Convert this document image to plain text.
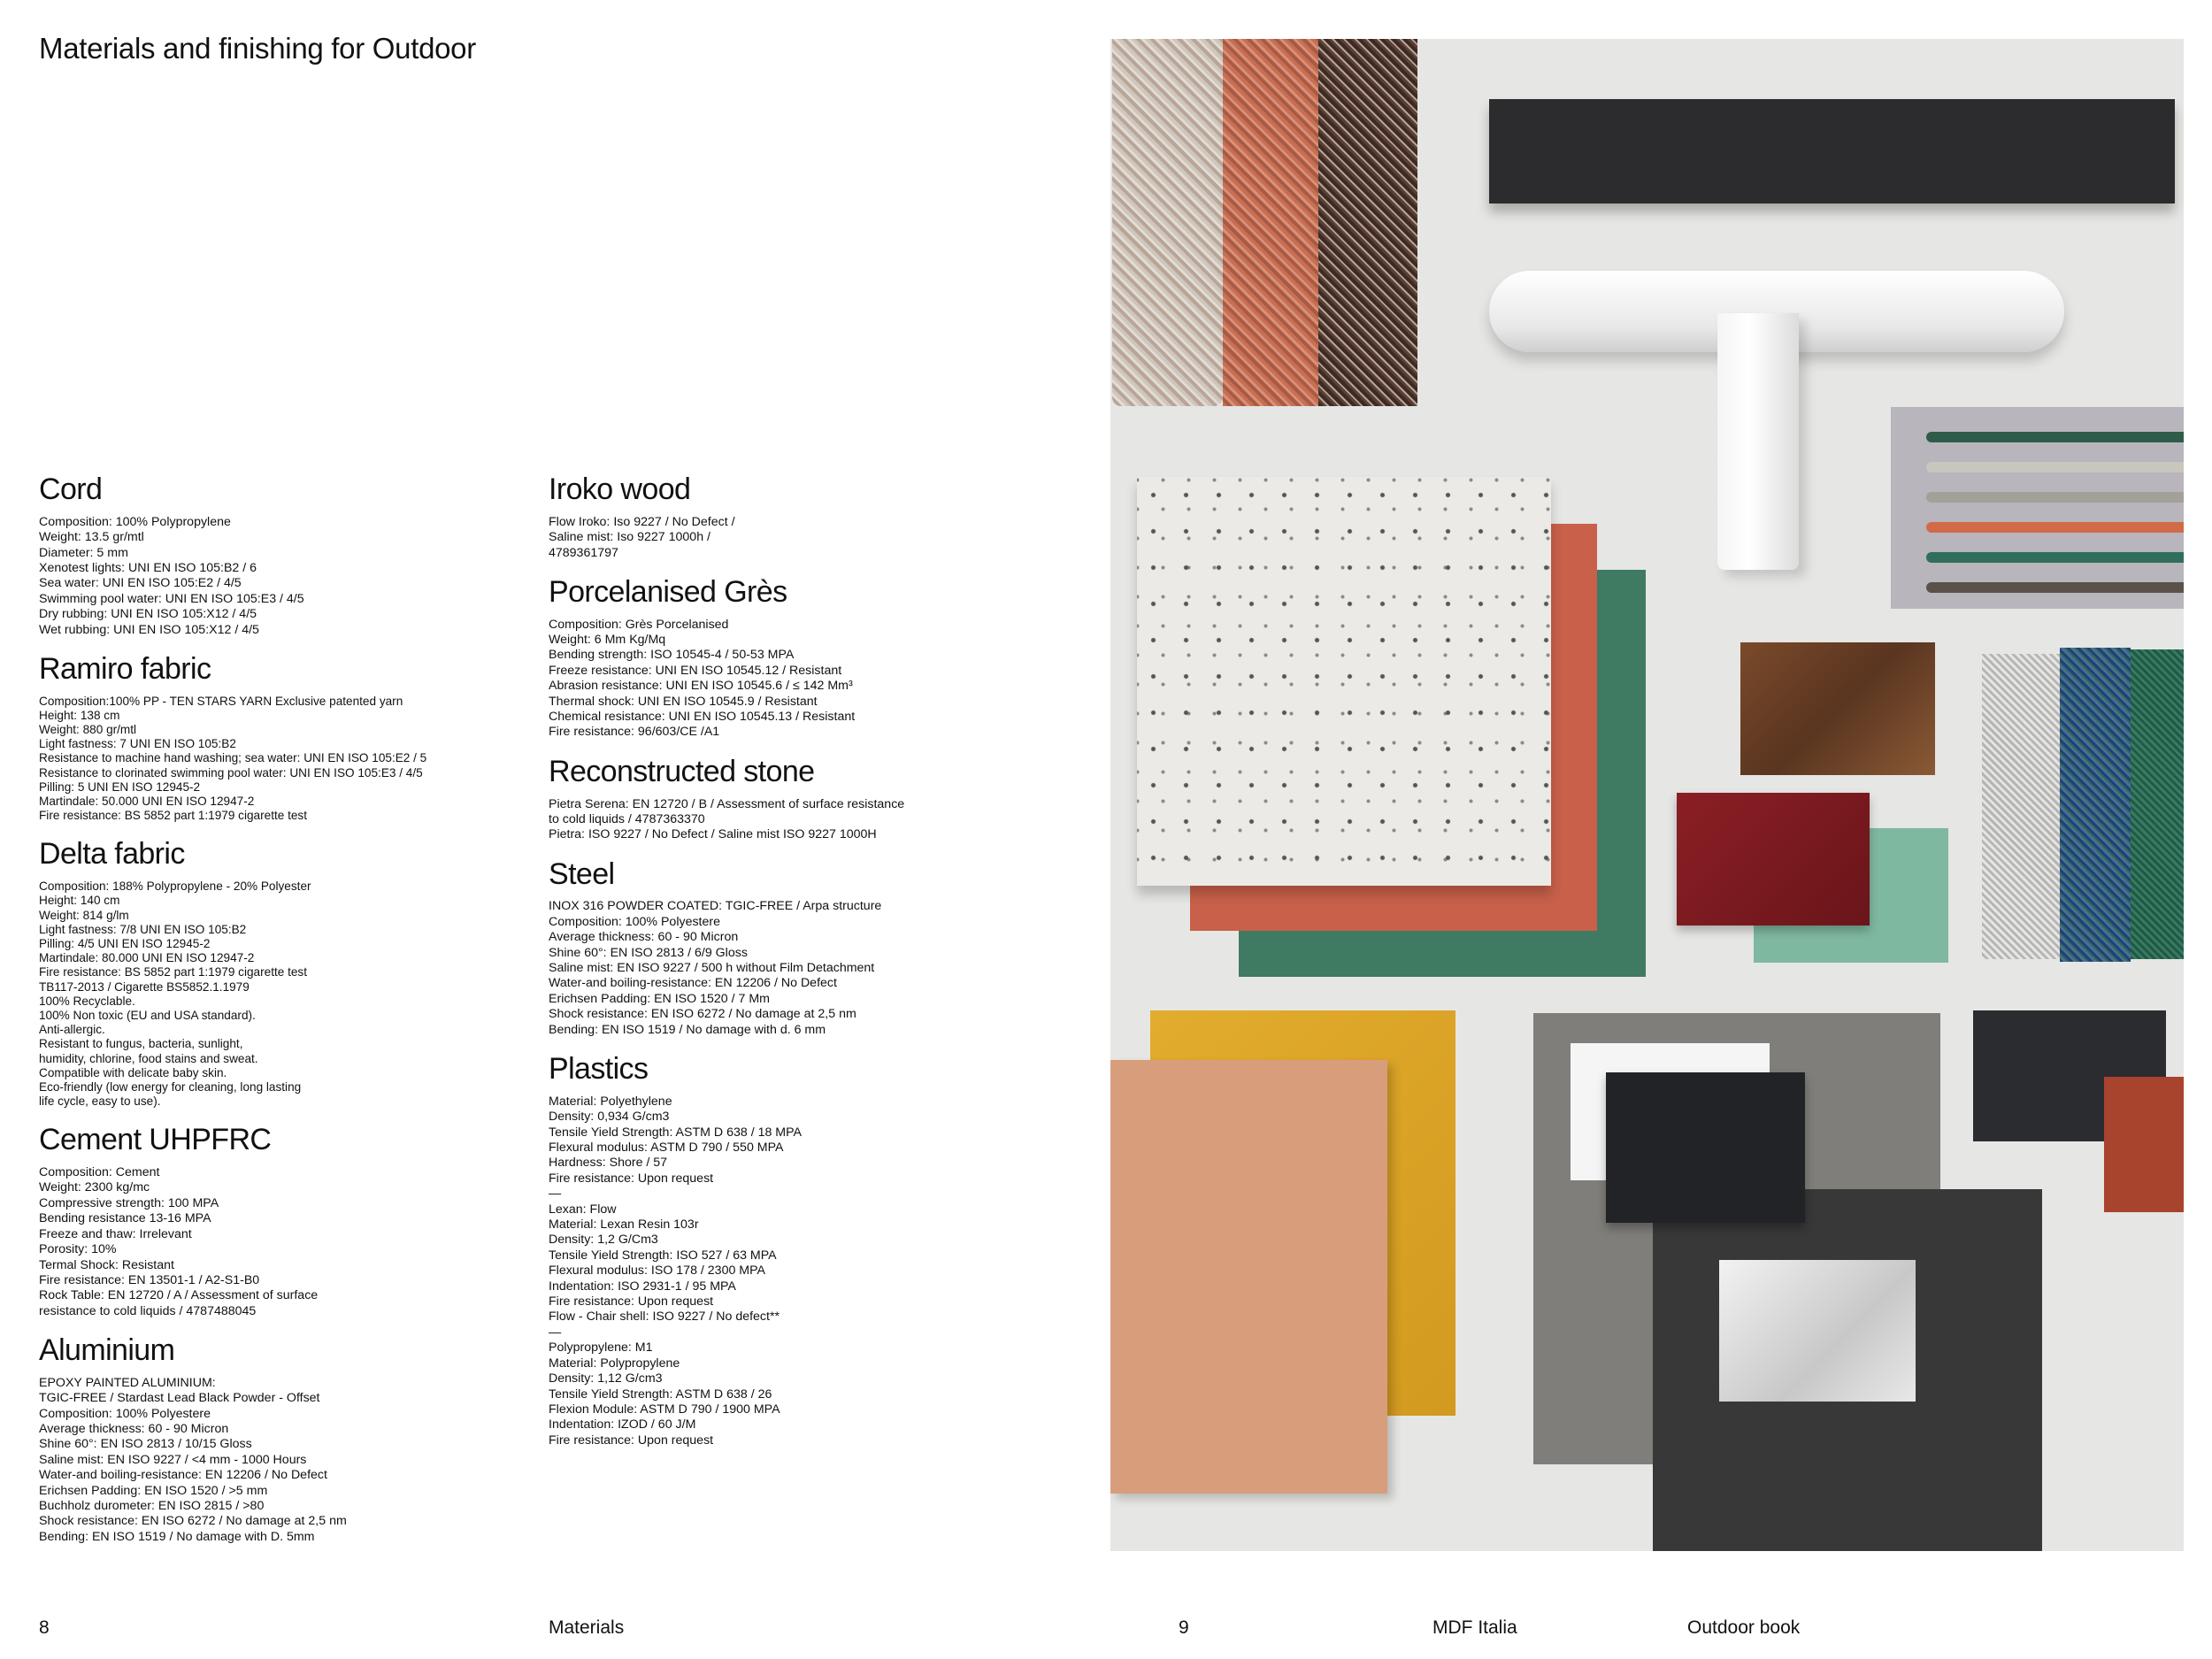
Materials and finishing for Outdoor
Cord
Composition: 100% Polypropylene
Weight: 13.5 gr/mtl
Diameter: 5 mm
Xenotest lights: UNI EN ISO 105:B2 / 6
Sea water: UNI EN ISO 105:E2 / 4/5
Swimming pool water: UNI EN ISO 105:E3 / 4/5
Dry rubbing: UNI EN ISO 105:X12 / 4/5
Wet rubbing: UNI EN ISO 105:X12 / 4/5
Ramiro fabric
Composition:100% PP - TEN STARS YARN Exclusive patented yarn
Height: 138 cm
Weight: 880 gr/mtl
Light fastness: 7 UNI EN ISO 105:B2
Resistance to machine hand washing; sea water: UNI EN ISO 105:E2 / 5
Resistance to clorinated swimming pool water: UNI EN ISO 105:E3 / 4/5
Pilling: 5 UNI EN ISO 12945-2
Martindale: 50.000 UNI EN ISO 12947-2
Fire resistance: BS 5852 part 1:1979 cigarette test
Delta fabric
Composition: 188% Polypropylene - 20% Polyester
Height: 140 cm
Weight: 814 g/lm
Light fastness: 7/8 UNI EN ISO 105:B2
Pilling: 4/5 UNI EN ISO 12945-2
Martindale: 80.000 UNI EN ISO 12947-2
Fire resistance: BS 5852 part 1:1979 cigarette test
TB117-2013 / Cigarette BS5852.1.1979
100% Recyclable.
100% Non toxic (EU and USA standard).
Anti-allergic.
Resistant to fungus, bacteria, sunlight,
humidity, chlorine, food stains and sweat.
Compatible with delicate baby skin.
Eco-friendly (low energy for cleaning, long lasting
life cycle, easy to use).
Cement UHPFRC
Composition: Cement
Weight: 2300 kg/mc
Compressive strength: 100 MPA
Bending resistance 13-16 MPA
Freeze and thaw: Irrelevant
Porosity: 10%
Termal Shock: Resistant
Fire resistance: EN 13501-1 / A2-S1-B0
Rock Table: EN 12720 / A / Assessment of surface
resistance to cold liquids / 4787488045
Aluminium
EPOXY PAINTED ALUMINIUM:
TGIC-FREE / Stardast Lead Black Powder - Offset
Composition: 100% Polyestere
Average thickness: 60 - 90 Micron
Shine 60°: EN ISO 2813 / 10/15 Gloss
Saline mist: EN ISO 9227 / <4 mm - 1000 Hours
Water-and boiling-resistance: EN 12206 / No Defect
Erichsen Padding: EN ISO 1520 / >5 mm
Buchholz durometer: EN ISO 2815 / >80
Shock resistance: EN ISO 6272 / No damage at 2,5 nm
Bending: EN ISO 1519 / No damage with D. 5mm
Iroko wood
Flow Iroko: Iso 9227 / No Defect /
Saline mist: Iso 9227 1000h /
4789361797
Porcelanised Grès
Composition: Grès Porcelanised
Weight: 6 Mm Kg/Mq
Bending strength: ISO 10545-4 / 50-53 MPA
Freeze resistance: UNI EN ISO 10545.12 / Resistant
Abrasion resistance: UNI EN ISO 10545.6 / ≤ 142 Mm³
Thermal shock: UNI EN ISO 10545.9 / Resistant
Chemical resistance: UNI EN ISO 10545.13 / Resistant
Fire resistance: 96/603/CE /A1
Reconstructed stone
Pietra Serena: EN 12720 / B / Assessment of surface resistance
to cold liquids / 4787363370
Pietra: ISO 9227 / No Defect / Saline mist ISO 9227 1000H
Steel
INOX 316 POWDER COATED: TGIC-FREE / Arpa structure
Composition: 100% Polyestere
Average thickness: 60 - 90 Micron
Shine 60°: EN ISO 2813 / 6/9 Gloss
Saline mist: EN ISO 9227 / 500 h without Film Detachment
Water-and boiling-resistance: EN 12206 / No Defect
Erichsen Padding: EN ISO 1520 / 7 Mm
Shock resistance: EN ISO 6272 / No damage at 2,5 nm
Bending: EN ISO 1519 / No damage with d. 6 mm
Plastics
Material: Polyethylene
Density: 0,934 G/cm3
Tensile Yield Strength: ASTM D 638 / 18 MPA
Flexural modulus: ASTM D 790 / 550 MPA
Hardness: Shore / 57
Fire resistance: Upon request
—
Lexan: Flow
Material: Lexan Resin 103r
Density: 1,2 G/Cm3
Tensile Yield Strength: ISO 527 / 63 MPA
Flexural modulus: ISO 178 / 2300 MPA
Indentation: ISO 2931-1 / 95 MPA
Fire resistance: Upon request
Flow - Chair shell: ISO 9227 / No defect**
—
Polypropylene: M1
Material: Polypropylene
Density: 1,12 G/cm3
Tensile Yield Strength: ASTM D 638 / 26
Flexion Module: ASTM D 790 / 1900 MPA
Indentation: IZOD / 60 J/M
Fire resistance: Upon request
8	Materials	9	MDF Italia	Outdoor book
